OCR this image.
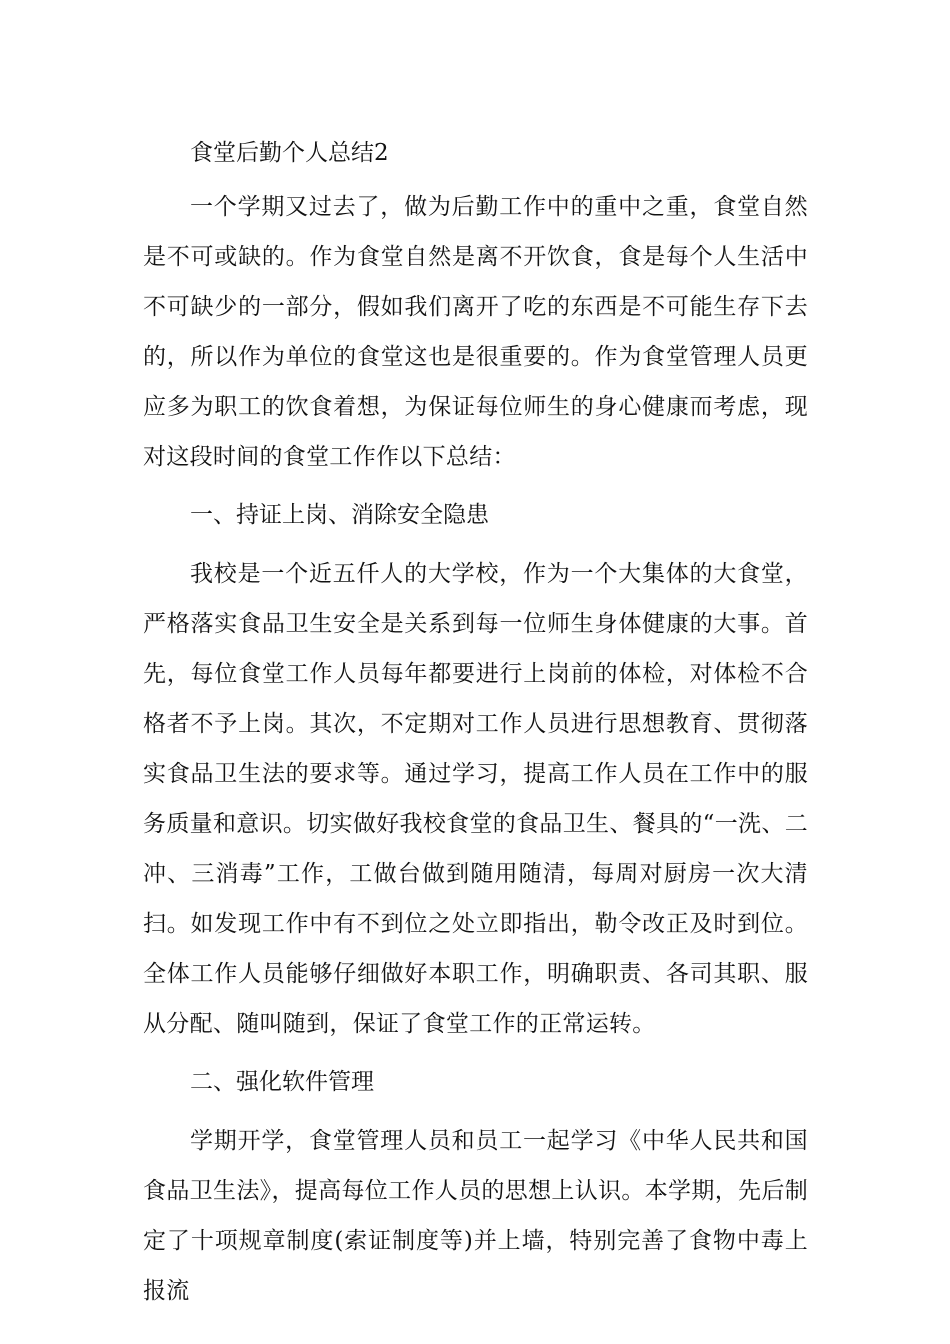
食堂后勤个人总结2

一个学期又过去了，做为后勤工作中的重中之重，食堂自然是不可或缺的。作为食堂自然是离不开饮食，食是每个人生活中不可缺少的一部分，假如我们离开了吃的东西是不可能生存下去的，所以作为单位的食堂这也是很重要的。作为食堂管理人员更应多为职工的饮食着想，为保证每位师生的身心健康而考虑，现对这段时间的食堂工作作以下总结：

一、持证上岗、消除安全隐患

我校是一个近五仟人的大学校，作为一个大集体的大食堂，严格落实食品卫生安全是关系到每一位师生身体健康的大事。首先，每位食堂工作人员每年都要进行上岗前的体检，对体检不合格者不予上岗。其次，不定期对工作人员进行思想教育、贯彻落实食品卫生法的要求等。通过学习，提高工作人员在工作中的服务质量和意识。切实做好我校食堂的食品卫生、餐具的“一洗、二冲、三消毒”工作，工做台做到随用随清，每周对厨房一次大清扫。如发现工作中有不到位之处立即指出，勒令改正及时到位。全体工作人员能够仔细做好本职工作，明确职责、各司其职、服从分配、随叫随到，保证了食堂工作的正常运转。

二、强化软件管理

学期开学，食堂管理人员和员工一起学习《中华人民共和国食品卫生法》，提高每位工作人员的思想上认识。本学期，先后制定了十项规章制度(索证制度等)并上墙，特别完善了食物中毒上报流
